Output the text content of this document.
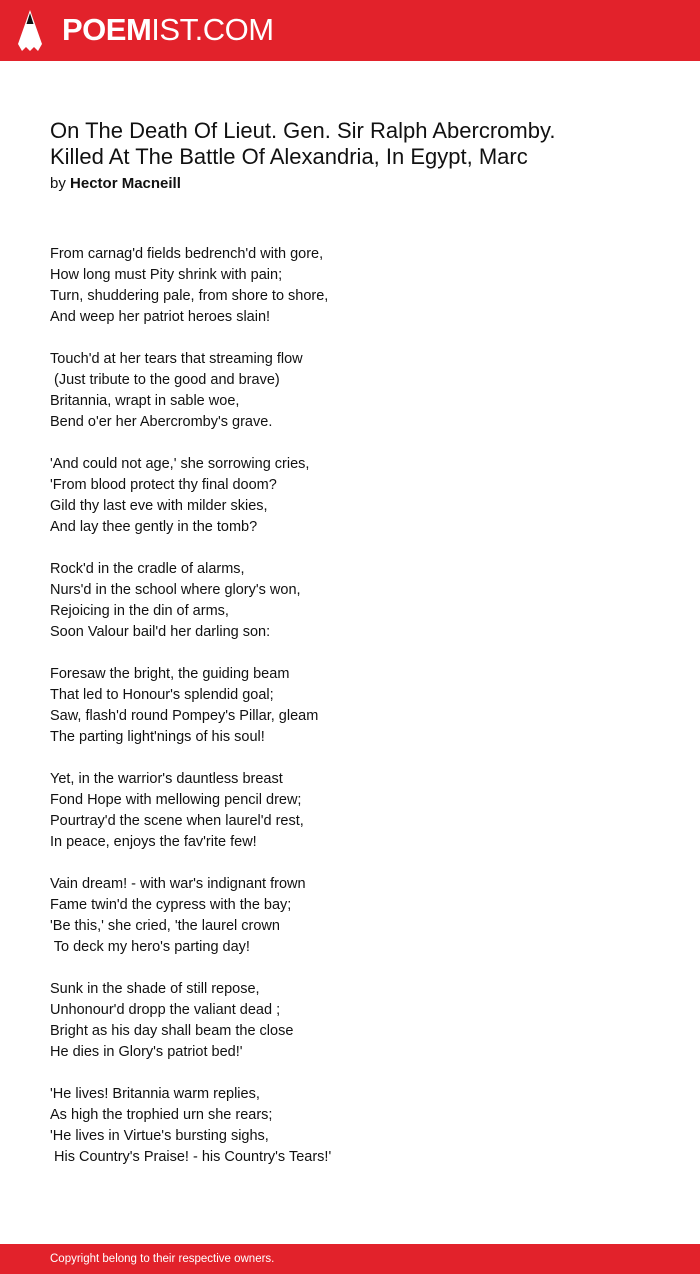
POEMIST.COM
On The Death Of Lieut. Gen. Sir Ralph Abercromby.
Killed At The Battle Of Alexandria, In Egypt, Marc
by Hector Macneill
From carnag'd fields bedrench'd with gore,
How long must Pity shrink with pain;
Turn, shuddering pale, from shore to shore,
And weep her patriot heroes slain!
Touch'd at her tears that streaming flow
(Just tribute to the good and brave)
Britannia, wrapt in sable woe,
Bend o'er her Abercromby's grave.
'And could not age,' she sorrowing cries,
'From blood protect thy final doom?
Gild thy last eve with milder skies,
And lay thee gently in the tomb?
Rock'd in the cradle of alarms,
Nurs'd in the school where glory's won,
Rejoicing in the din of arms,
Soon Valour bail'd her darling son:
Foresaw the bright, the guiding beam
That led to Honour's splendid goal;
Saw, flash'd round Pompey's Pillar, gleam
The parting light'nings of his soul!
Yet, in the warrior's dauntless breast
Fond Hope with mellowing pencil drew;
Pourtray'd the scene when laurel'd rest,
In peace, enjoys the fav'rite few!
Vain dream! - with war's indignant frown
Fame twin'd the cypress with the bay;
'Be this,' she cried, 'the laurel crown
To deck my hero's parting day!
Sunk in the shade of still repose,
Unhonour'd dropp the valiant dead ;
Bright as his day shall beam the close
He dies in Glory's patriot bed!'
'He lives! Britannia warm replies,
As high the trophied urn she rears;
'He lives in Virtue's bursting sighs,
His Country's Praise! - his Country's Tears!'
Copyright belong to their respective owners.
